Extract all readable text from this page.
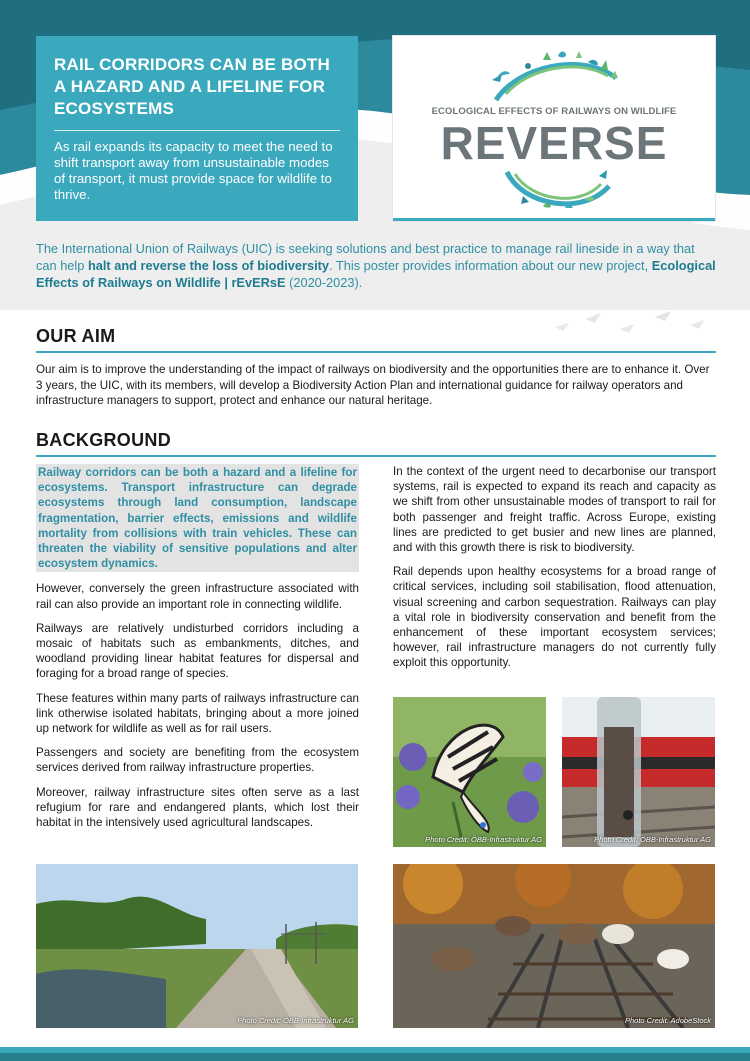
RAIL CORRIDORS CAN BE BOTH A HAZARD AND A LIFELINE FOR ECOSYSTEMS

As rail expands its capacity to meet the need to shift transport away from unsustainable modes of transport, it must provide space for wildlife to thrive.

ECOLOGICAL EFFECTS OF RAILWAYS ON WILDLIFE
REVERSE

The International Union of Railways (UIC) is seeking solutions and best practice to manage rail lineside in a way that can help halt and reverse the loss of biodiversity. This poster provides information about our new project, Ecological Effects of Railways on Wildlife | rEvERsE (2020-2023).

OUR AIM

Our aim is to improve the understanding of the impact of railways on biodiversity and the opportunities there are to enhance it. Over 3 years, the UIC, with its members, will develop a Biodiversity Action Plan and international guidance for railway operators and infrastructure managers to support, protect and enhance our natural heritage.

BACKGROUND

Railway corridors can be both a hazard and a lifeline for ecosystems. Transport infrastructure can degrade ecosystems through land consumption, landscape fragmentation, barrier effects, emissions and wildlife mortality from collisions with train vehicles. These can threaten the viability of sensitive populations and alter ecosystem dynamics.

However, conversely the green infrastructure associated with rail can also provide an important role in connecting wildlife.

Railways are relatively undisturbed corridors including a mosaic of habitats such as embankments, ditches, and woodland providing linear habitat features for dispersal and foraging for a broad range of species.

These features within many parts of railways infrastructure can link otherwise isolated habitats, bringing about a more joined up network for wildlife as well as for rail users.

Passengers and society are benefiting from the ecosystem services derived from railway infrastructure properties.

Moreover, railway infrastructure sites often serve as a last refugium for rare and endangered plants, which lost their habitat in the intensively used agricultural landscapes.

In the context of the urgent need to decarbonise our transport systems, rail is expected to expand its reach and capacity as we shift from other unsustainable modes of transport to rail for both passenger and freight traffic. Across Europe, existing lines are predicted to get busier and new lines are planned, and with this growth there is risk to biodiversity.

Rail depends upon healthy ecosystems for a broad range of critical services, including soil stabilisation, flood attenuation, visual screening and carbon sequestration. Railways can play a vital role in biodiversity conservation and benefit from the enhancement of these important ecosystem services; however, rail infrastructure managers do not currently fully exploit this opportunity.

Photo Credit: ÖBB-Infrastruktur AG	Photo Credit: ÖBB-Infrastruktur AG
Photo Credit: ÖBB-Infrastruktur AG	Photo Credit: AdobeStock
